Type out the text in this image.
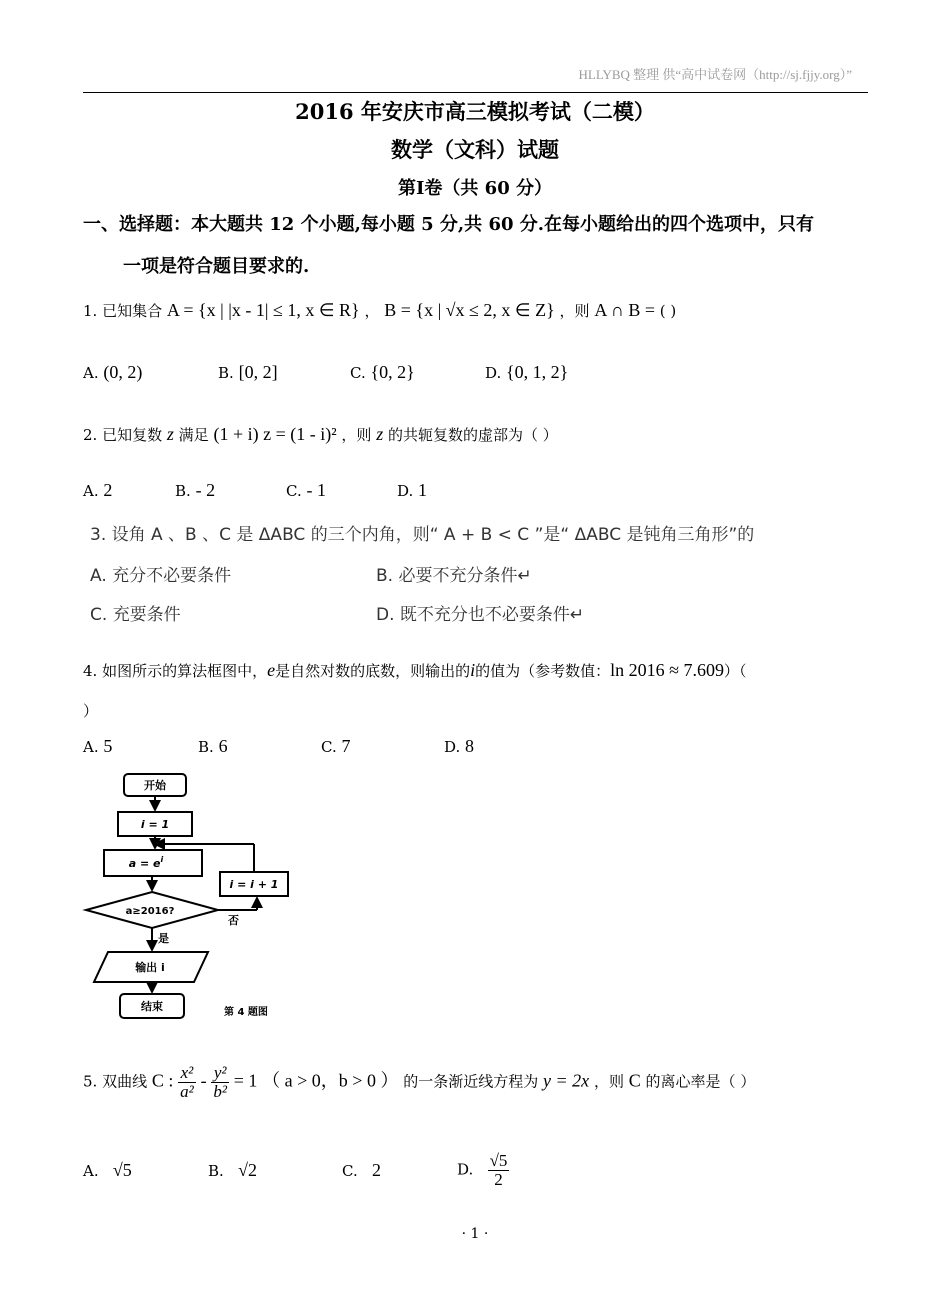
HLLYBQ 整理 供“高中试卷网（http://sj.fjjy.org）”
2016 年安庆市高三模拟考试（二模）
数学（文科）试题
第Ⅰ卷（共 60 分）
一、选择题：本大题共 12 个小题,每小题 5 分,共 60 分.在每小题给出的四个选项中，只有
一项是符合题目要求的.
1. 已知集合 A = {x | |x - 1| ≤ 1, x ∈ R} ， B = {x | √x ≤ 2, x ∈ Z} ，则 A ∩ B = ( )
A. (0, 2)	B. [0, 2]	C. {0, 2}	D. {0, 1, 2}
2. 已知复数 z 满足 (1 + i) z = (1 - i)² ，则 z 的共轭复数的虚部为（ ）
A. 2	B. - 2	C. - 1	D. 1
3. 设角 A 、B 、C 是 ΔABC 的三个内角，则“ A + B < C ”是“ ΔABC 是钝角三角形”的
A. 充分不必要条件	B. 必要不充分条件↵
C. 充要条件	D. 既不充分也不必要条件↵
4. 如图所示的算法框图中，e是自然对数的底数，则输出的i的值为（参考数值：ln 2016 ≈ 7.609）（
）
A. 5	B. 6	C. 7	D. 8
开始
i = 1
$a = e^i$
a≥2016?
否
i = i + 1
是
输出 i
结束	第 4 题图
5. 双曲线 C : $\frac{\text{x²}}{\text{a²}} - \frac{\text{y²}}{\text{b²}} = 1$ （ a > 0，b > 0 ） 的一条渐近线方程为 y = 2x ，则 C 的离心率是（ ）
A. √5	B. √2	C. 2	D. $\frac{√5}{2}$
· 1 ·
